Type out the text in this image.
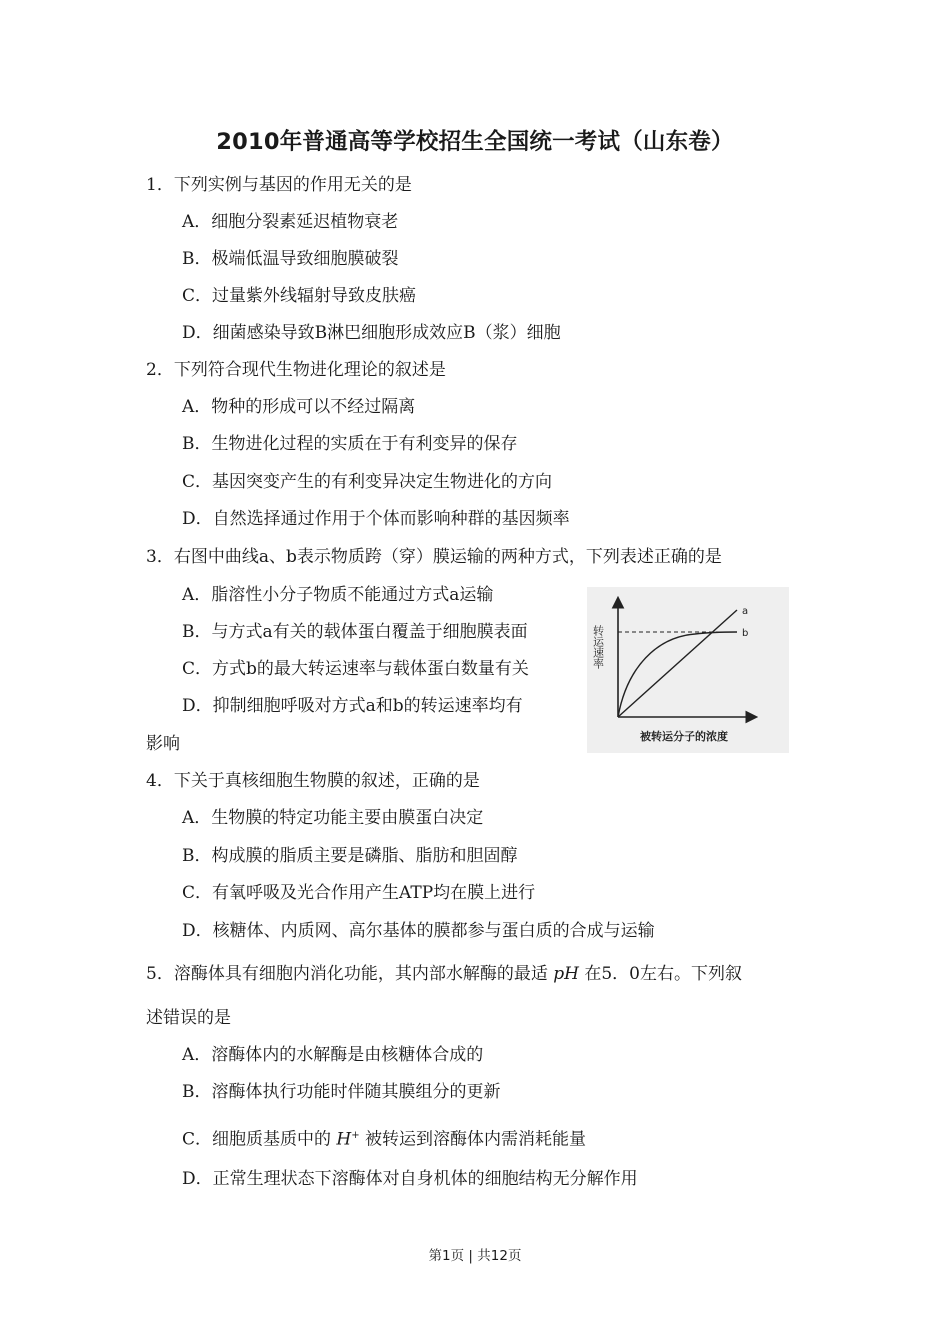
2010年普通高等学校招生全国统一考试（山东卷）
1．下列实例与基因的作用无关的是
A．细胞分裂素延迟植物衰老
B．极端低温导致细胞膜破裂
C．过量紫外线辐射导致皮肤癌
D．细菌感染导致B淋巴细胞形成效应B（浆）细胞
2．下列符合现代生物进化理论的叙述是
A．物种的形成可以不经过隔离
B．生物进化过程的实质在于有利变异的保存
C．基因突变产生的有利变异决定生物进化的方向
D．自然选择通过作用于个体而影响种群的基因频率
3．右图中曲线a、b表示物质跨（穿）膜运输的两种方式，下列表述正确的是
A．脂溶性小分子物质不能通过方式a运输
B．与方式a有关的载体蛋白覆盖于细胞膜表面
C．方式b的最大转运速率与载体蛋白数量有关
D．抑制细胞呼吸对方式a和b的转运速率均有
影响
a
b
转运速率
被转运分子的浓度
4．下关于真核细胞生物膜的叙述，正确的是
A．生物膜的特定功能主要由膜蛋白决定
B．构成膜的脂质主要是磷脂、脂肪和胆固醇
C．有氧呼吸及光合作用产生ATP均在膜上进行
D．核糖体、内质网、高尔基体的膜都参与蛋白质的合成与运输
5．溶酶体具有细胞内消化功能，其内部水解酶的最适 pH 在5．0左右。下列叙
述错误的是
A．溶酶体内的水解酶是由核糖体合成的
B．溶酶体执行功能时伴随其膜组分的更新
C．细胞质基质中的 H+ 被转运到溶酶体内需消耗能量
D．正常生理状态下溶酶体对自身机体的细胞结构无分解作用
第1页 | 共12页
